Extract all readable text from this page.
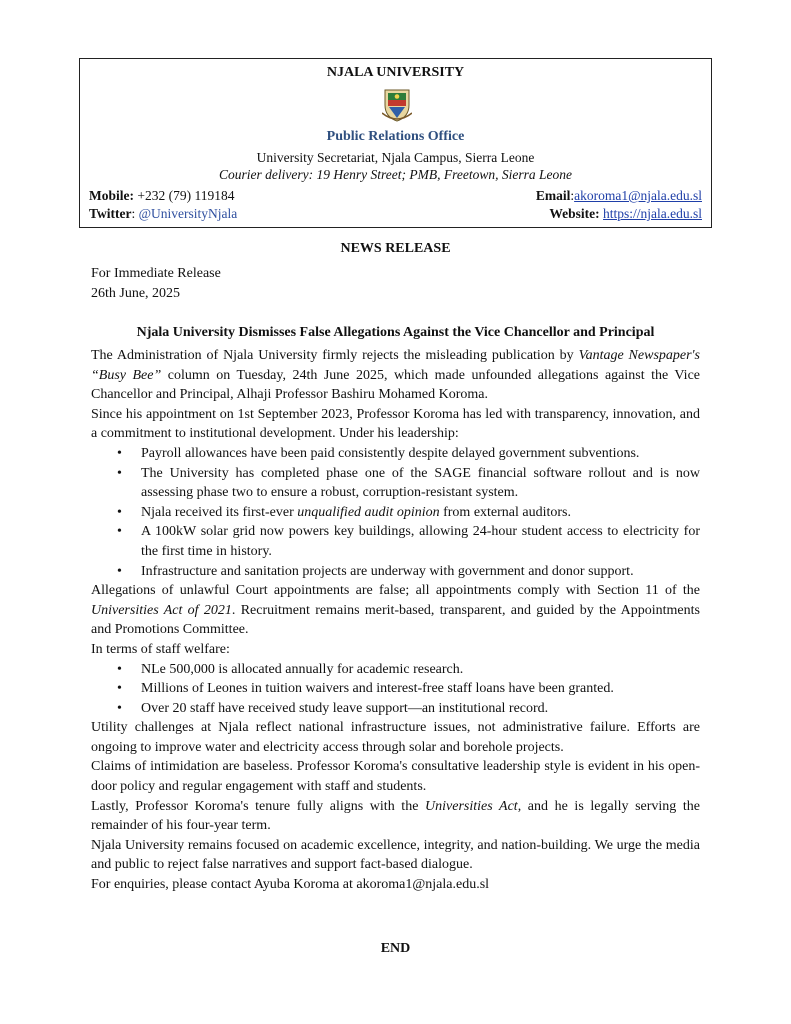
NJALA UNIVERSITY
Public Relations Office
University Secretariat, Njala Campus, Sierra Leone
Courier delivery: 19 Henry Street; PMB, Freetown, Sierra Leone
Mobile: +232 (79) 119184	Email:akoroma1@njala.edu.sl
Twitter: @UniversityNjala	Website: https://njala.edu.sl
NEWS RELEASE
For Immediate Release
26th June, 2025
Njala University Dismisses False Allegations Against the Vice Chancellor and Principal

The Administration of Njala University firmly rejects the misleading publication by Vantage Newspaper's “Busy Bee” column on Tuesday, 24th June 2025, which made unfounded allegations against the Vice Chancellor and Principal, Alhaji Professor Bashiru Mohamed Koroma.

Since his appointment on 1st September 2023, Professor Koroma has led with transparency, innovation, and a commitment to institutional development. Under his leadership:

• Payroll allowances have been paid consistently despite delayed government subventions.
• The University has completed phase one of the SAGE financial software rollout and is now assessing phase two to ensure a robust, corruption-resistant system.
• Njala received its first-ever unqualified audit opinion from external auditors.
• A 100kW solar grid now powers key buildings, allowing 24-hour student access to electricity for the first time in history.
• Infrastructure and sanitation projects are underway with government and donor support.

Allegations of unlawful Court appointments are false; all appointments comply with Section 11 of the Universities Act of 2021. Recruitment remains merit-based, transparent, and guided by the Appointments and Promotions Committee.

In terms of staff welfare:

• NLe 500,000 is allocated annually for academic research.
• Millions of Leones in tuition waivers and interest-free staff loans have been granted.
• Over 20 staff have received study leave support—an institutional record.

Utility challenges at Njala reflect national infrastructure issues, not administrative failure. Efforts are ongoing to improve water and electricity access through solar and borehole projects.

Claims of intimidation are baseless. Professor Koroma's consultative leadership style is evident in his open-door policy and regular engagement with staff and students.

Lastly, Professor Koroma's tenure fully aligns with the Universities Act, and he is legally serving the remainder of his four-year term.

Njala University remains focused on academic excellence, integrity, and nation-building. We urge the media and public to reject false narratives and support fact-based dialogue.

For enquiries, please contact Ayuba Koroma at akoroma1@njala.edu.sl

END
